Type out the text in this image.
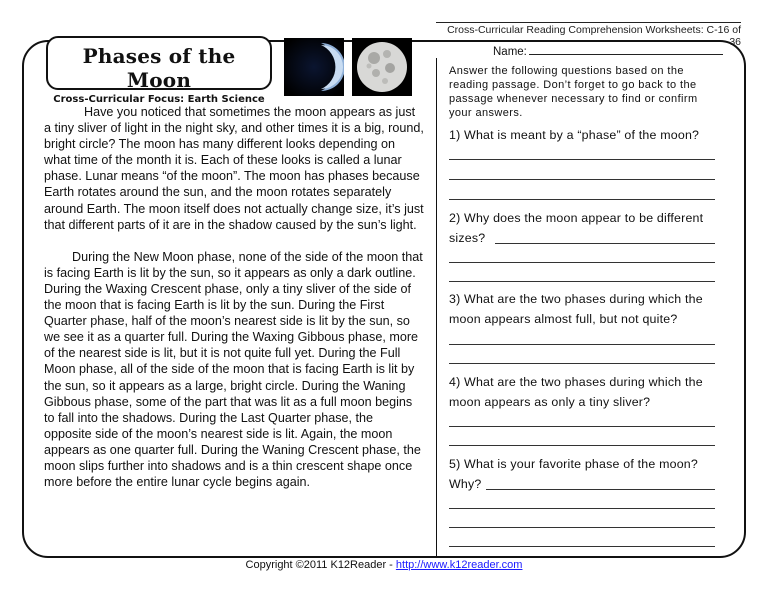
Cross-Curricular Reading Comprehension Worksheets: C-16 of 36
Phases of the Moon
Cross-Curricular Focus: Earth Science

Have you noticed that sometimes the moon appears as just a tiny sliver of light in the night sky, and other times it is a big, round, bright circle? The moon has many different looks depending on what time of the month it is. Each of these looks is called a lunar phase. Lunar means “of the moon”. The moon has phases because Earth rotates around the sun, and the moon rotates separately around Earth. The moon itself does not actually change size, it’s just that different parts of it are in the shadow caused by the sun’s light.

During the New Moon phase, none of the side of the moon that is facing Earth is lit by the sun, so it appears as only a dark outline. During the Waxing Crescent phase, only a tiny sliver of the side of the moon that is facing Earth is lit by the sun. During the First Quarter phase, half of the moon’s nearest side is lit by the sun, so we see it as a quarter full. During the Waxing Gibbous phase, more of the nearest side is lit, but it is not quite full yet. During the Full Moon phase, all of the side of the moon that is facing Earth is lit by the sun, so it appears as a large, bright circle. During the Waning Gibbous phase, some of the part that was lit as a full moon begins to fall into the shadows. During the Last Quarter phase, the opposite side of the moon’s nearest side is lit. Again, the moon appears as one quarter full. During the Waning Crescent phase, the moon slips further into shadows and is a thin crescent shape once more before the entire lunar cycle begins again.

Name:
Answer the following questions based on the reading passage. Don’t forget to go back to the passage whenever necessary to find or confirm your answers.
1) What is meant by a “phase” of the moon?
2) Why does the moon appear to be different sizes?
3) What are the two phases during which the moon appears almost full, but not quite?
4) What are the two phases during which the moon appears as only a tiny sliver?
5) What is your favorite phase of the moon? Why?
Copyright ©2011 K12Reader - http://www.k12reader.com
